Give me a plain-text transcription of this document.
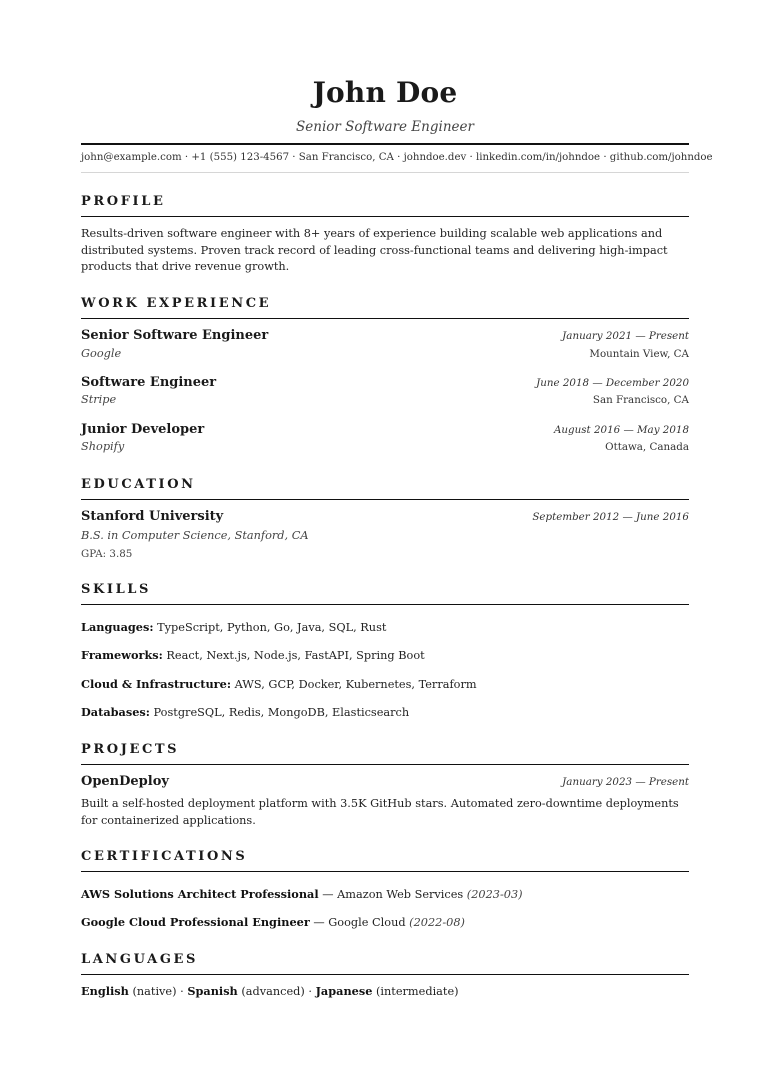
John Doe
Senior Software Engineer
john@example.com · +1 (555) 123-4567 · San Francisco, CA · johndoe.dev · linkedin.com/in/johndoe · github.com/johndoe
PROFILE
Results-driven software engineer with 8+ years of experience building scalable web applications and distributed systems. Proven track record of leading cross-functional teams and delivering high-impact products that drive revenue growth.
WORK EXPERIENCE
Senior Software Engineer	January 2021 — Present
Google	Mountain View, CA
Software Engineer	June 2018 — December 2020
Stripe	San Francisco, CA
Junior Developer	August 2016 — May 2018
Shopify	Ottawa, Canada
EDUCATION
Stanford University	September 2012 — June 2016
B.S. in Computer Science, Stanford, CA
GPA: 3.85
SKILLS
Languages: TypeScript, Python, Go, Java, SQL, Rust
Frameworks: React, Next.js, Node.js, FastAPI, Spring Boot
Cloud & Infrastructure: AWS, GCP, Docker, Kubernetes, Terraform
Databases: PostgreSQL, Redis, MongoDB, Elasticsearch
PROJECTS
OpenDeploy	January 2023 — Present
Built a self-hosted deployment platform with 3.5K GitHub stars. Automated zero-downtime deployments for containerized applications.
CERTIFICATIONS
AWS Solutions Architect Professional — Amazon Web Services (2023-03)
Google Cloud Professional Engineer — Google Cloud (2022-08)
LANGUAGES
English (native) · Spanish (advanced) · Japanese (intermediate)
